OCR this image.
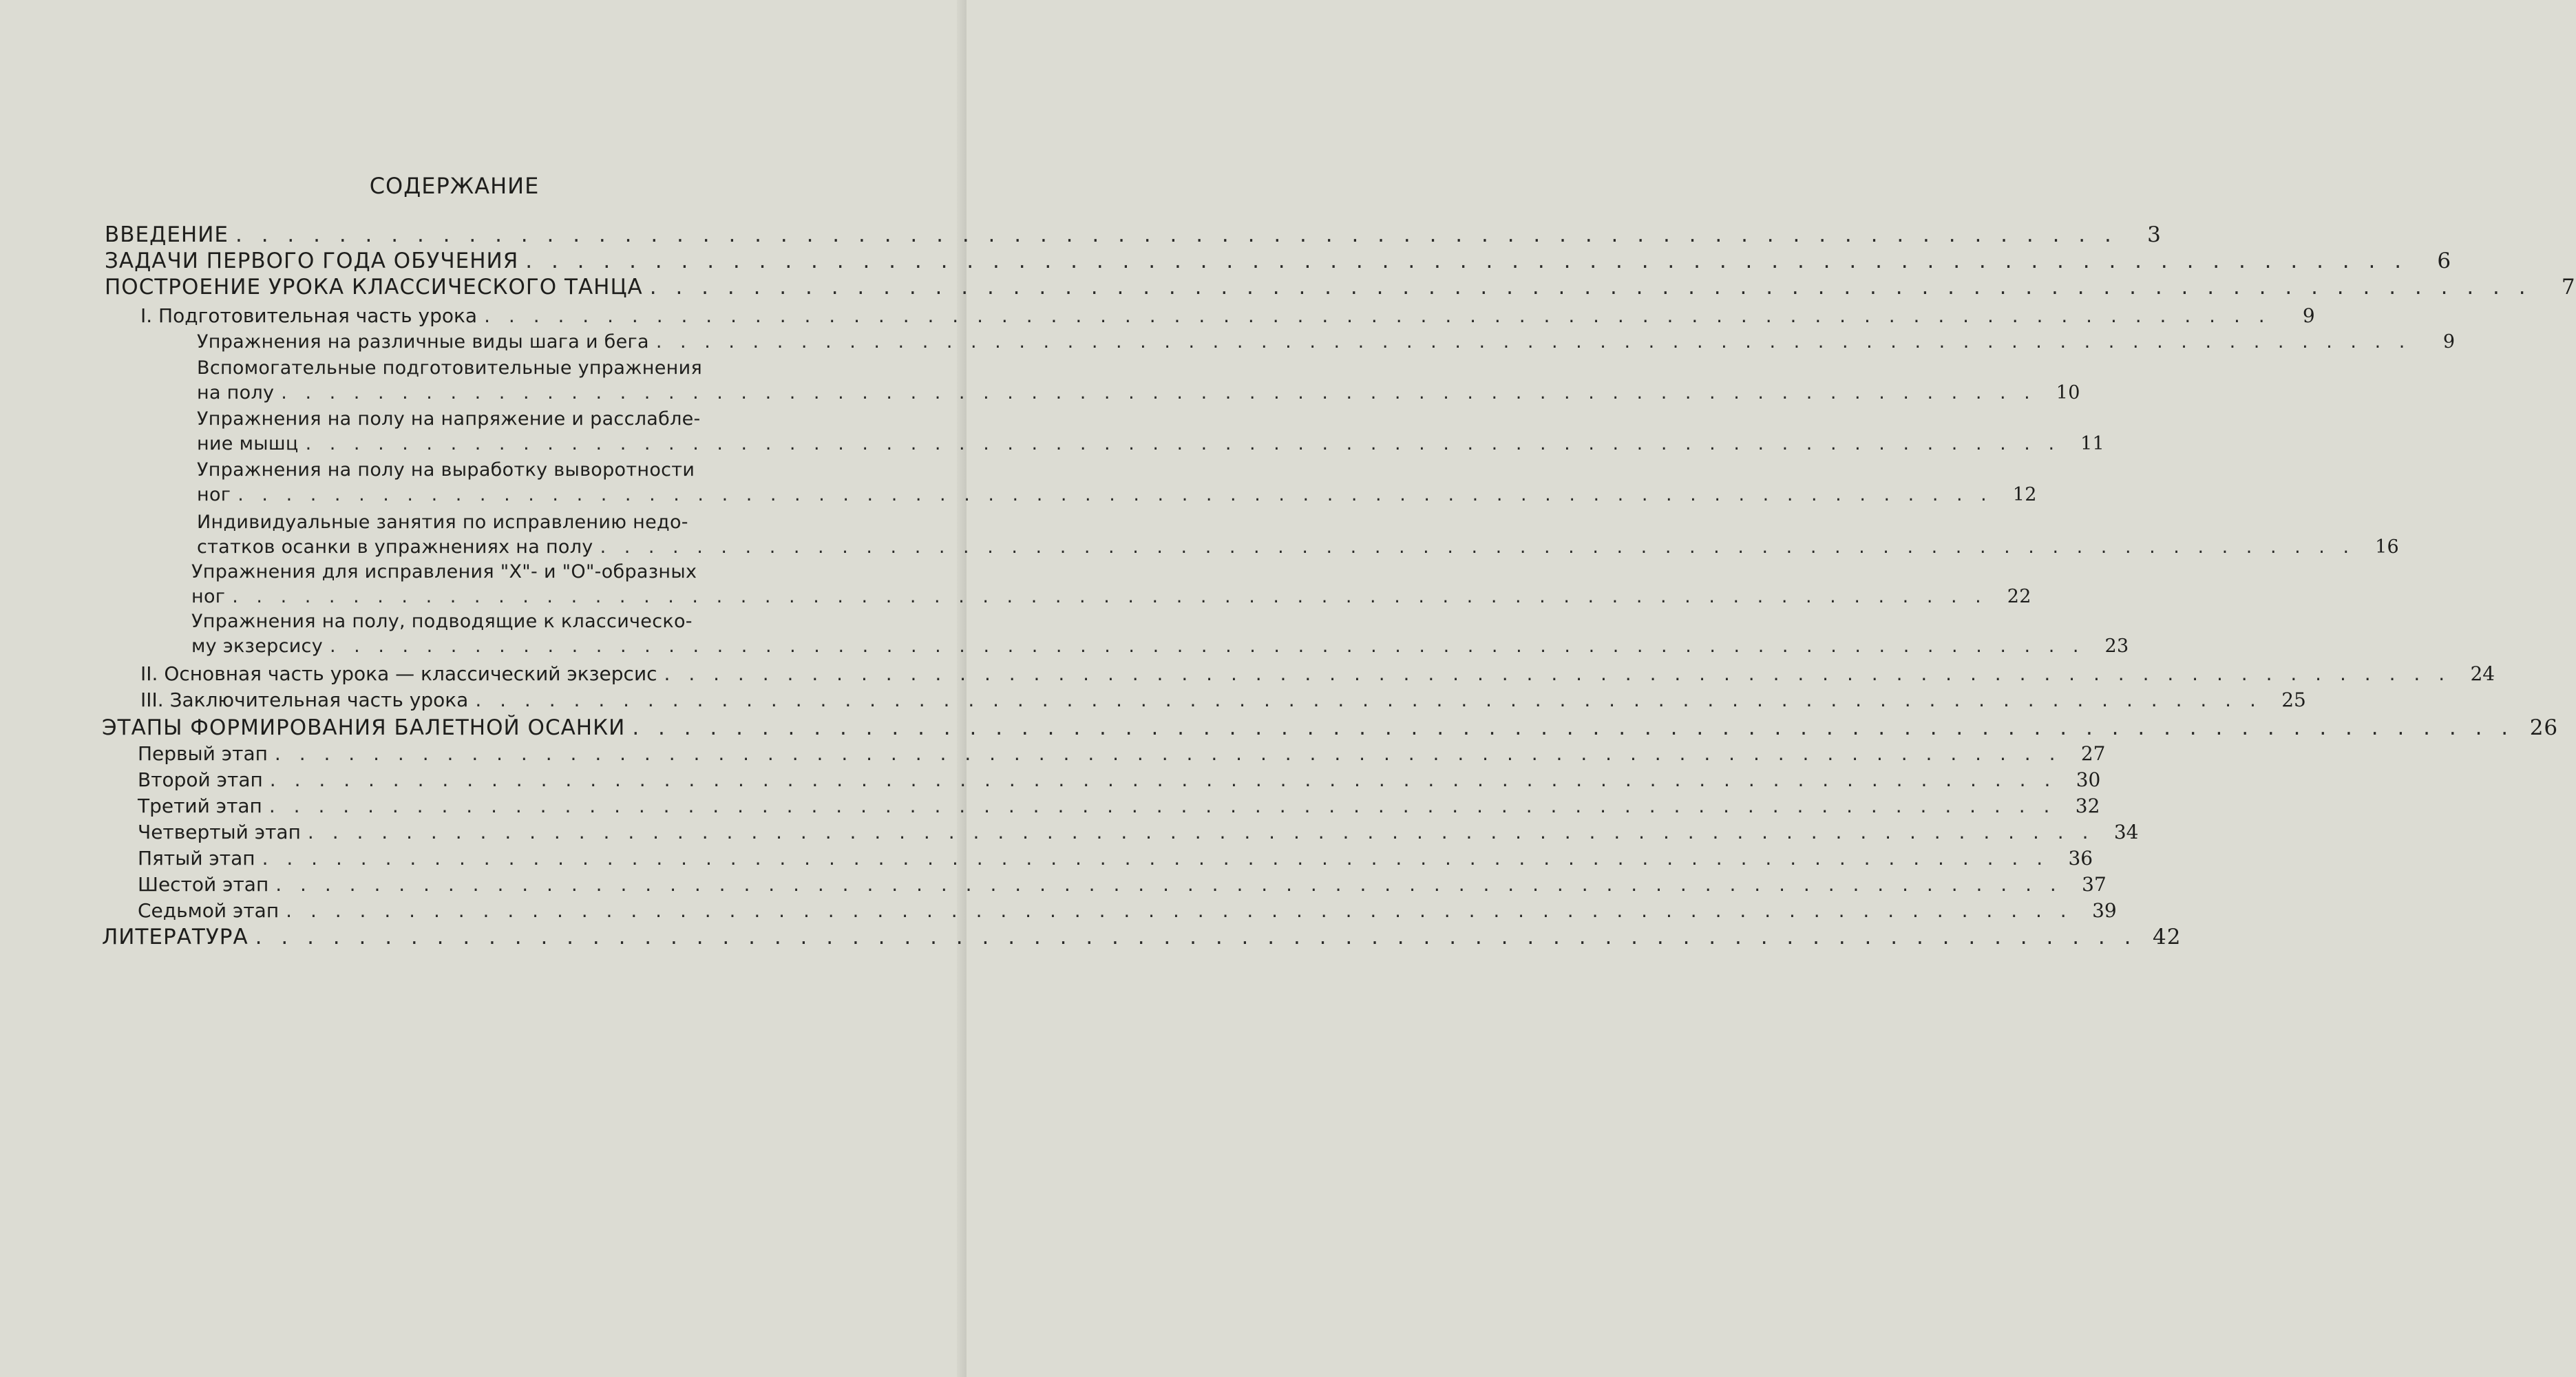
СОДЕРЖАНИЕ
ВВЕДЕНИЕ . . . . . . . . . . . . . . . . . . . . . . . . . . . . . . . . . . . . . . . . . . . . . . . . . . . . . . . . . . . . . . . . . . . . . . . . .	3
ЗАДАЧИ ПЕРВОГО ГОДА ОБУЧЕНИЯ . . . . . . . . . . . . . . . . . . . . . . . . . . . . . . . . . . . . . . . . . . . . . . . . . . . . . . . . . . . . . . . . . . . . . . . . .	6
ПОСТРОЕНИЕ УРОКА КЛАССИЧЕСКОГО ТАНЦА . . . . . . . . . . . . . . . . . . . . . . . . . . . . . . . . . . . . . . . . . . . . . . . . . . . . . . . . . . . . . . . . . . . . . . . . .	7
I. Подготовительная часть урока . . . . . . . . . . . . . . . . . . . . . . . . . . . . . . . . . . . . . . . . . . . . . . . . . . . . . . . . . . . . . . . . . . . . . . . . .	9
Упражнения на различные виды шага и бега . . . . . . . . . . . . . . . . . . . . . . . . . . . . . . . . . . . . . . . . . . . . . . . . . . . . . . . . . . . . . . . . . . . . . . . . .	9
Вспомогательные подготовительные упражнения
на полу . . . . . . . . . . . . . . . . . . . . . . . . . . . . . . . . . . . . . . . . . . . . . . . . . . . . . . . . . . . . . . . . . . . . . . . . .	10
Упражнения на полу на напряжение и расслабле-
ние мышц . . . . . . . . . . . . . . . . . . . . . . . . . . . . . . . . . . . . . . . . . . . . . . . . . . . . . . . . . . . . . . . . . . . . . . . . .	11
Упражнения на полу на выработку выворотности
ног . . . . . . . . . . . . . . . . . . . . . . . . . . . . . . . . . . . . . . . . . . . . . . . . . . . . . . . . . . . . . . . . . . . . . . . . .	12
Индивидуальные занятия по исправлению недо-
статков осанки в упражнениях на полу . . . . . . . . . . . . . . . . . . . . . . . . . . . . . . . . . . . . . . . . . . . . . . . . . . . . . . . . . . . . . . . . . . . . . . . . .	16
Упражнения для исправления "Х"- и "О"-образных
ног . . . . . . . . . . . . . . . . . . . . . . . . . . . . . . . . . . . . . . . . . . . . . . . . . . . . . . . . . . . . . . . . . . . . . . . . .	22
Упражнения на полу, подводящие к классическо-
му экзерсису . . . . . . . . . . . . . . . . . . . . . . . . . . . . . . . . . . . . . . . . . . . . . . . . . . . . . . . . . . . . . . . . . . . . . . . . .	23
II. Основная часть урока — классический экзерсис . . . . . . . . . . . . . . . . . . . . . . . . . . . . . . . . . . . . . . . . . . . . . . . . . . . . . . . . . . . . . . . . . . . . . . . . .	24
III. Заключительная часть урока . . . . . . . . . . . . . . . . . . . . . . . . . . . . . . . . . . . . . . . . . . . . . . . . . . . . . . . . . . . . . . . . . . . . . . . . .	25
ЭТАПЫ ФОРМИРОВАНИЯ БАЛЕТНОЙ ОСАНКИ . . . . . . . . . . . . . . . . . . . . . . . . . . . . . . . . . . . . . . . . . . . . . . . . . . . . . . . . . . . . . . . . . . . . . . . . . 26
Первый этап . . . . . . . . . . . . . . . . . . . . . . . . . . . . . . . . . . . . . . . . . . . . . . . . . . . . . . . . . . . . . . . . . . . . . . . . .	27
Второй этап . . . . . . . . . . . . . . . . . . . . . . . . . . . . . . . . . . . . . . . . . . . . . . . . . . . . . . . . . . . . . . . . . . . . . . . . .	30
Третий этап . . . . . . . . . . . . . . . . . . . . . . . . . . . . . . . . . . . . . . . . . . . . . . . . . . . . . . . . . . . . . . . . . . . . . . . . .	32
Четвертый этап . . . . . . . . . . . . . . . . . . . . . . . . . . . . . . . . . . . . . . . . . . . . . . . . . . . . . . . . . . . . . . . . . . . . . . . . .	34
Пятый этап . . . . . . . . . . . . . . . . . . . . . . . . . . . . . . . . . . . . . . . . . . . . . . . . . . . . . . . . . . . . . . . . . . . . . . . . .	36
Шестой этап . . . . . . . . . . . . . . . . . . . . . . . . . . . . . . . . . . . . . . . . . . . . . . . . . . . . . . . . . . . . . . . . . . . . . . . . .	37
Седьмой этап . . . . . . . . . . . . . . . . . . . . . . . . . . . . . . . . . . . . . . . . . . . . . . . . . . . . . . . . . . . . . . . . . . . . . . . . .	39
ЛИТЕРАТУРА . . . . . . . . . . . . . . . . . . . . . . . . . . . . . . . . . . . . . . . . . . . . . . . . . . . . . . . . . . . . . . . . . . . . . . . . . 42
